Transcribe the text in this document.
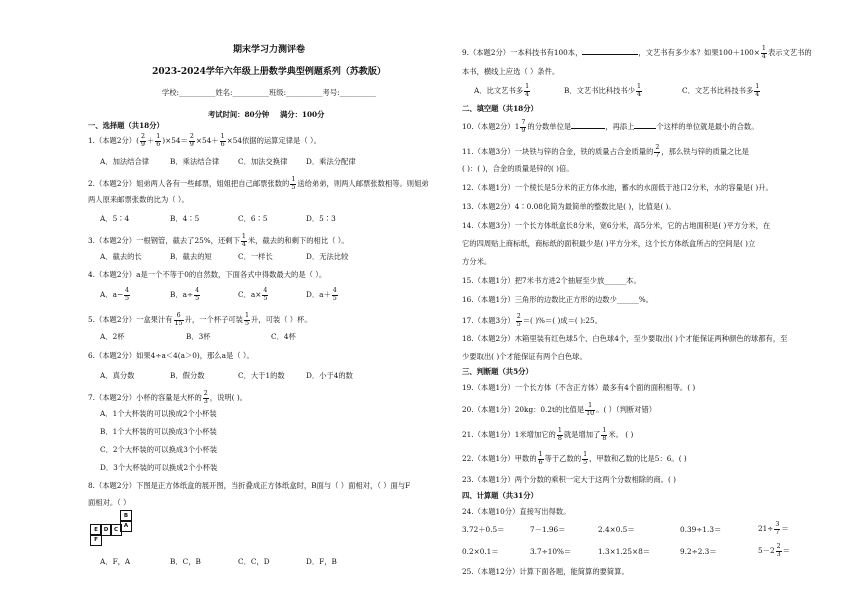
期末学习力测评卷
2023-2024学年六年级上册数学典型例题系列（苏教版）
学校:__________姓名:__________班级:__________考号:__________
考试时间：80分钟 满分：100分
一、选择题（共18分）
1.（本题2分）( $\frac{2}{9} + \frac{1}{6} )\times 54= \frac{2}{9} \times 54+ \frac{1}{6} \times 54$依据的运算定律是（ ）。
A．加法结合律	B．乘法结合律	C．加法交换律	D．乘法分配律
2.（本题2分）姐弟两人各有一些邮票，姐姐把自己邮票张数的 $\frac{1}{5}$ 送给弟弟，则两人邮票张数相等。则姐弟
两人原来邮票张数的比为（ ）。
A．5∶4	B．4∶5	C．6∶5	D．5∶3
3.（本题2分）一根钢管，截去了25%，还剩下 $\frac{1}{4}$ 米，截去的和剩下的相比（ ）。
A．截去的长	B．截去的短	C．一样长	D．无法比较
4.（本题2分）a是一个不等于0的自然数，下面各式中得数最大的是（ ）。
A．$a- \frac{4}{5}$	B．$a\div \frac{4}{5}$	C．$a\times \frac{4}{5}$	D．$a+ \frac{4}{5}$
5.（本题2分）一盒果汁有 $\frac{6}{15}$ 升，一个杯子可装 $\frac{1}{5}$ 升，可装（ ）杯。
A．2杯	B．3杯	C．4杯
6.（本题2分）如果4÷a＜4(a＞0)，那么a是（ ）。
A．真分数	B．假分数	C．大于1的数	D．小于4的数
7.（本题2分）小杯的容量是大杯的 $\frac{2}{3}$ ，说明( )。
A．1个大杯装的可以换成2个小杯装
B．1个大杯装的可以换成3个小杯装
C．2个大杯装的可以换成3个小杯装
D．3个大杯装的可以换成2个小杯装
8.（本题2分）下图是正方体纸盒的展开图，当折叠成正方体纸盒时，B面与（ ）面相对，（ ）面与F
面相对。（ ）
B
A
D	C
E
F
A．F，A	B．C，B	C．C，D	D．F，B
9.（本题2分）一本科技书有100本，	，文艺书有多少本？如果$100+100\times \frac{1}{4}$ 表示文艺书的
本书，横线上应选（ ）条件。
A．比文艺书多 $\frac{1}{4}$	B．文艺书比科技书少 $\frac{1}{4}$	C．文艺书比科技书多 $\frac{1}{4}$
二、填空题（共18分）
10.（本题2分）$1 \frac{7}{9}$ 的分数单位是	，再添上	个这样的单位就是最小的合数。
11.（本题3分）一块铁与锌的合金，铁的质量占合金质量的 $\frac{2}{7}$ ，那么铁与锌的质量之比是
( )：( )，合金的质量是锌的( )倍。
12.（本题1分）一个棱长是5分米的正方体水池，蓄水的水面低于池口2分米，水的容量是( )升。
13.（本题2分）4∶0.08化简为最简单的整数比是( )，比值是( )。
14.（本题3分）一个长方体纸盒长8分米，宽6分米，高5分米，它的占地面积是( )平方分米，在
它的四周贴上商标纸，商标纸的面积最少是( )平方分米，这个长方体纸盒所占的空间是( )立
方分米。
15.（本题1分）把7米书方进2个抽屉至少放______本。
16.（本题1分）三角形的边数比正方形的边数少______%。
17.（本题3分） $\frac{2}{5}$ ＝( )%＝( )成＝( ):25。
18.（本题2分）木箱里装有红色球5个、白色球4个，至少要取出( )个才能保证两种颜色的球都有，至
少要取出( )个才能保证有两个白色球。
三、判断题（共5分）
19.（本题1分）一个长方体（不含正方体）最多有4个面的面积相等。( )
20.（本题1分）20kg：0.2t的比值是 $\frac{1}{10}$ 。( ）（判断对错）
21.（本题1分）1米增加它的 $\frac{1}{8}$ 就是增加了 $\frac{1}{8}$ 米。 ( )
22.（本题1分）甲数的 $\frac{1}{6}$ 等于乙数的 $\frac{1}{5}$ ，甲数和乙数的比是5：6。( )
23.（本题1分）两个分数的乘积一定大于这两个分数相除的商。( )
四、计算题（共31分）
24.（本题10分）直接写出得数。
3.72＋0.5＝	7－1.96＝	2.4×0.5＝	0.39÷1.3＝	$21\div \frac{3}{7}$ ＝
0.2×0.1＝	3.7÷10%＝	1.3×1.25×8＝	9.2÷2.3＝	$5-2 \frac{2}{3}$ ＝
25.（本题12分）计算下面各题，能简算的要简算。
